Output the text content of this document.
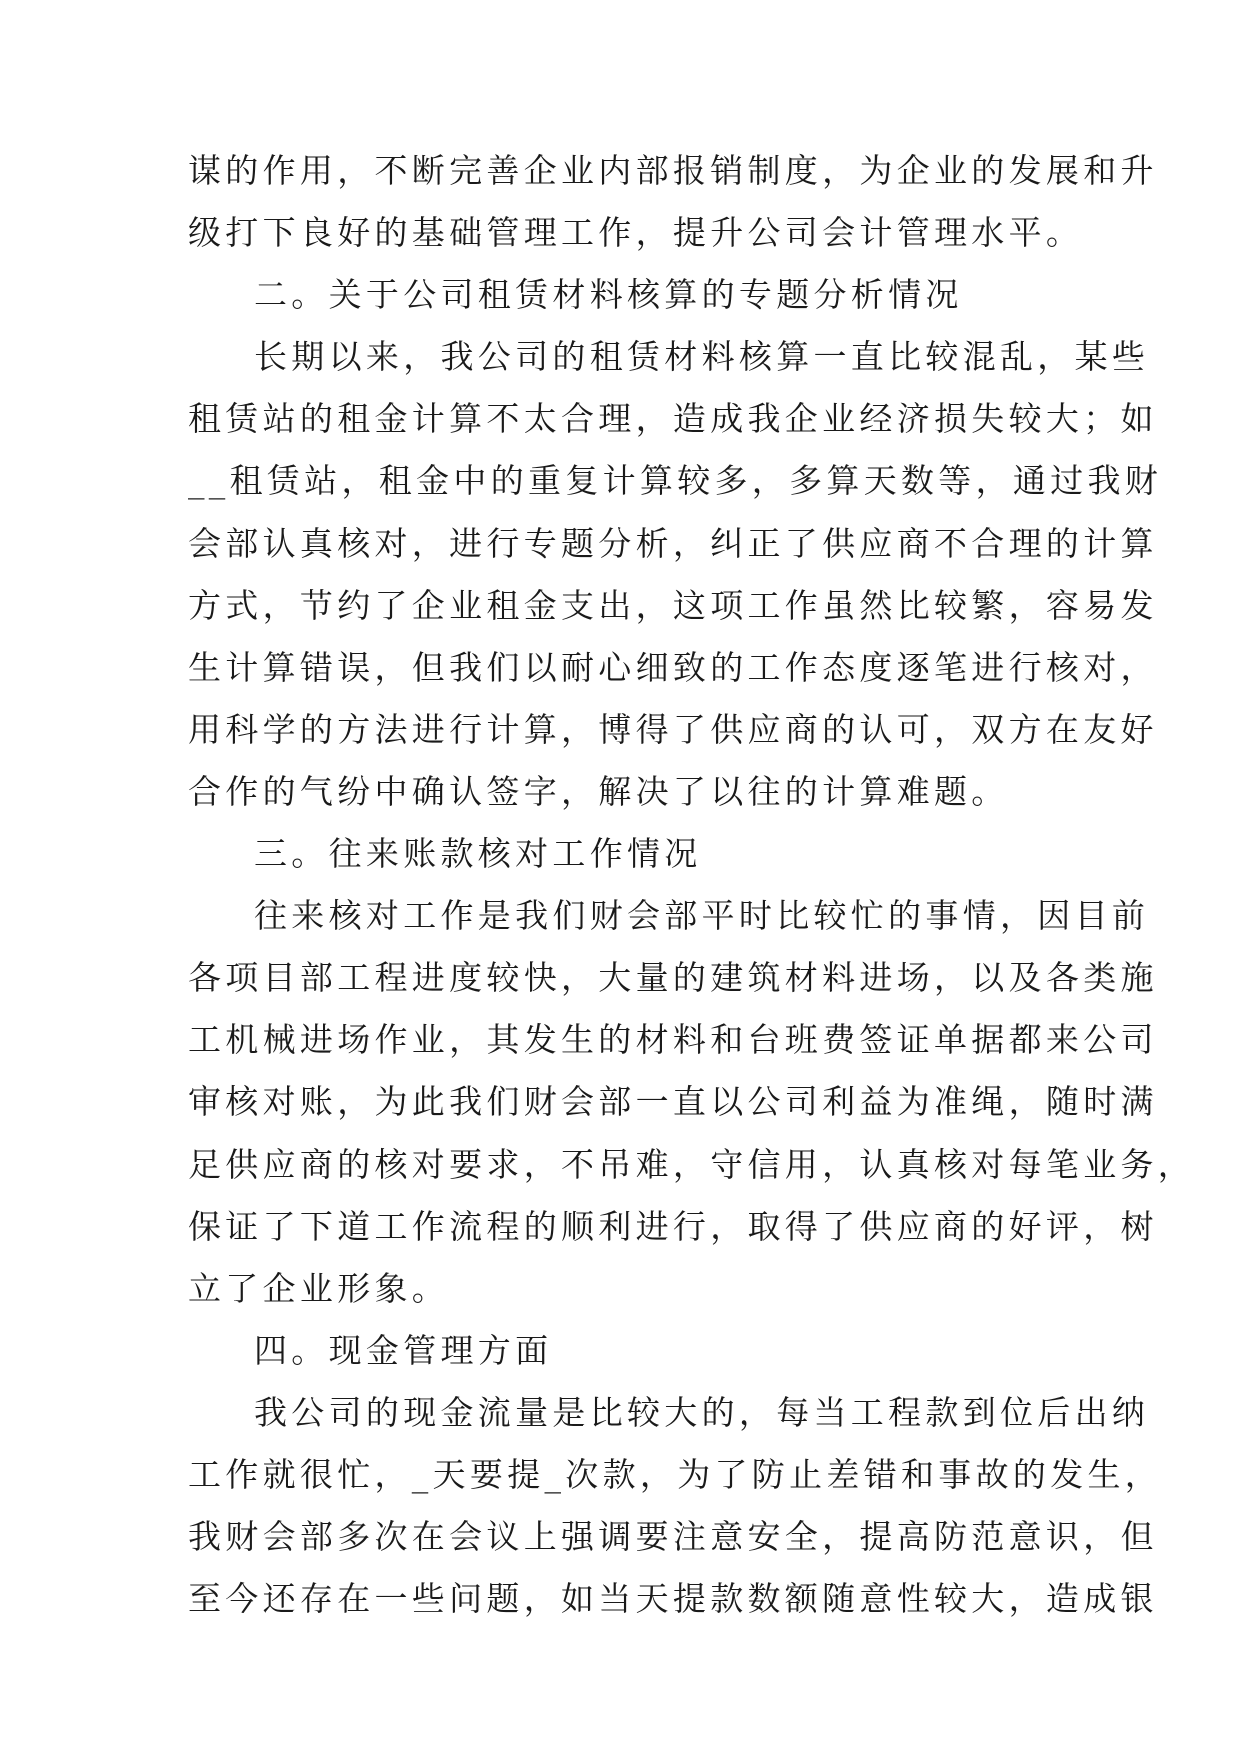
谋的作用，不断完善企业内部报销制度，为企业的发展和升
级打下良好的基础管理工作，提升公司会计管理水平。
二。关于公司租赁材料核算的专题分析情况
长期以来，我公司的租赁材料核算一直比较混乱，某些
租赁站的租金计算不太合理，造成我企业经济损失较大；如
__租赁站，租金中的重复计算较多，多算天数等，通过我财
会部认真核对，进行专题分析，纠正了供应商不合理的计算
方式，节约了企业租金支出，这项工作虽然比较繁，容易发
生计算错误，但我们以耐心细致的工作态度逐笔进行核对，
用科学的方法进行计算，博得了供应商的认可，双方在友好
合作的气纷中确认签字，解决了以往的计算难题。
三。往来账款核对工作情况
往来核对工作是我们财会部平时比较忙的事情，因目前
各项目部工程进度较快，大量的建筑材料进场，以及各类施
工机械进场作业，其发生的材料和台班费签证单据都来公司
审核对账，为此我们财会部一直以公司利益为准绳，随时满
足供应商的核对要求，不吊难，守信用，认真核对每笔业务，
保证了下道工作流程的顺利进行，取得了供应商的好评，树
立了企业形象。
四。现金管理方面
我公司的现金流量是比较大的，每当工程款到位后出纳
工作就很忙，_天要提_次款，为了防止差错和事故的发生，
我财会部多次在会议上强调要注意安全，提高防范意识，但
至今还存在一些问题，如当天提款数额随意性较大，造成银
